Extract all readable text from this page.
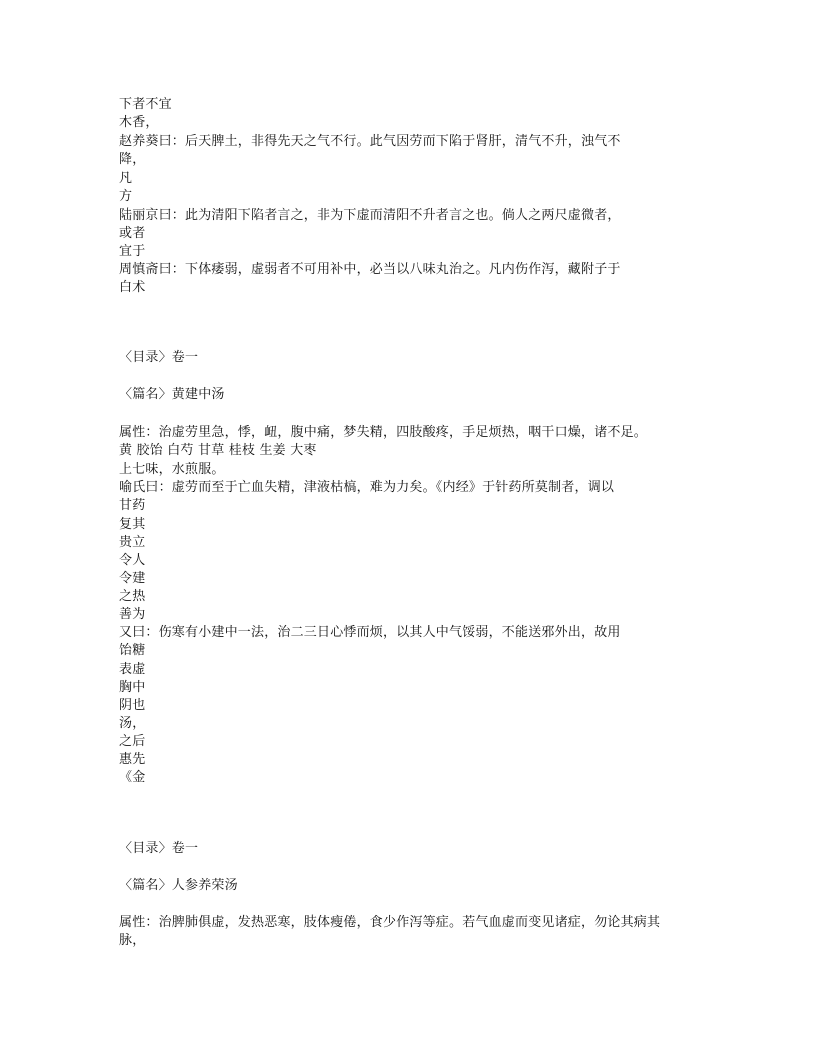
下者不宜
木香，
赵养葵曰：后天脾土，非得先天之气不行。此气因劳而下陷于肾肝，清气不升，浊气不
降，
凡
方
陆丽京曰：此为清阳下陷者言之，非为下虚而清阳不升者言之也。倘人之两尺虚微者，
或者
宜于
周慎斋曰：下体痿弱，虚弱者不可用补中，必当以八味丸治之。凡内伤作泻，藏附子于
白术
〈目录〉卷一
〈篇名〉黄建中汤
属性：治虚劳里急，悸，衄，腹中痛，梦失精，四肢酸疼，手足烦热，咽干口燥，诸不足。
黄 胶饴 白芍 甘草 桂枝 生姜 大枣
上七味，水煎服。
喻氏曰：虚劳而至于亡血失精，津液枯槁，难为力矣。《内经》于针药所莫制者，调以
甘药
复其
贵立
令人
令建
之热
善为
又曰：伤寒有小建中一法，治二三日心悸而烦，以其人中气馁弱，不能送邪外出，故用
饴糖
表虚
胸中
阴也
汤，
之后
惠先
《金
〈目录〉卷一
〈篇名〉人参养荣汤
属性：治脾肺俱虚，发热恶寒，肢体瘦倦，食少作泻等症。若气血虚而变见诸症，勿论其病其
脉，
